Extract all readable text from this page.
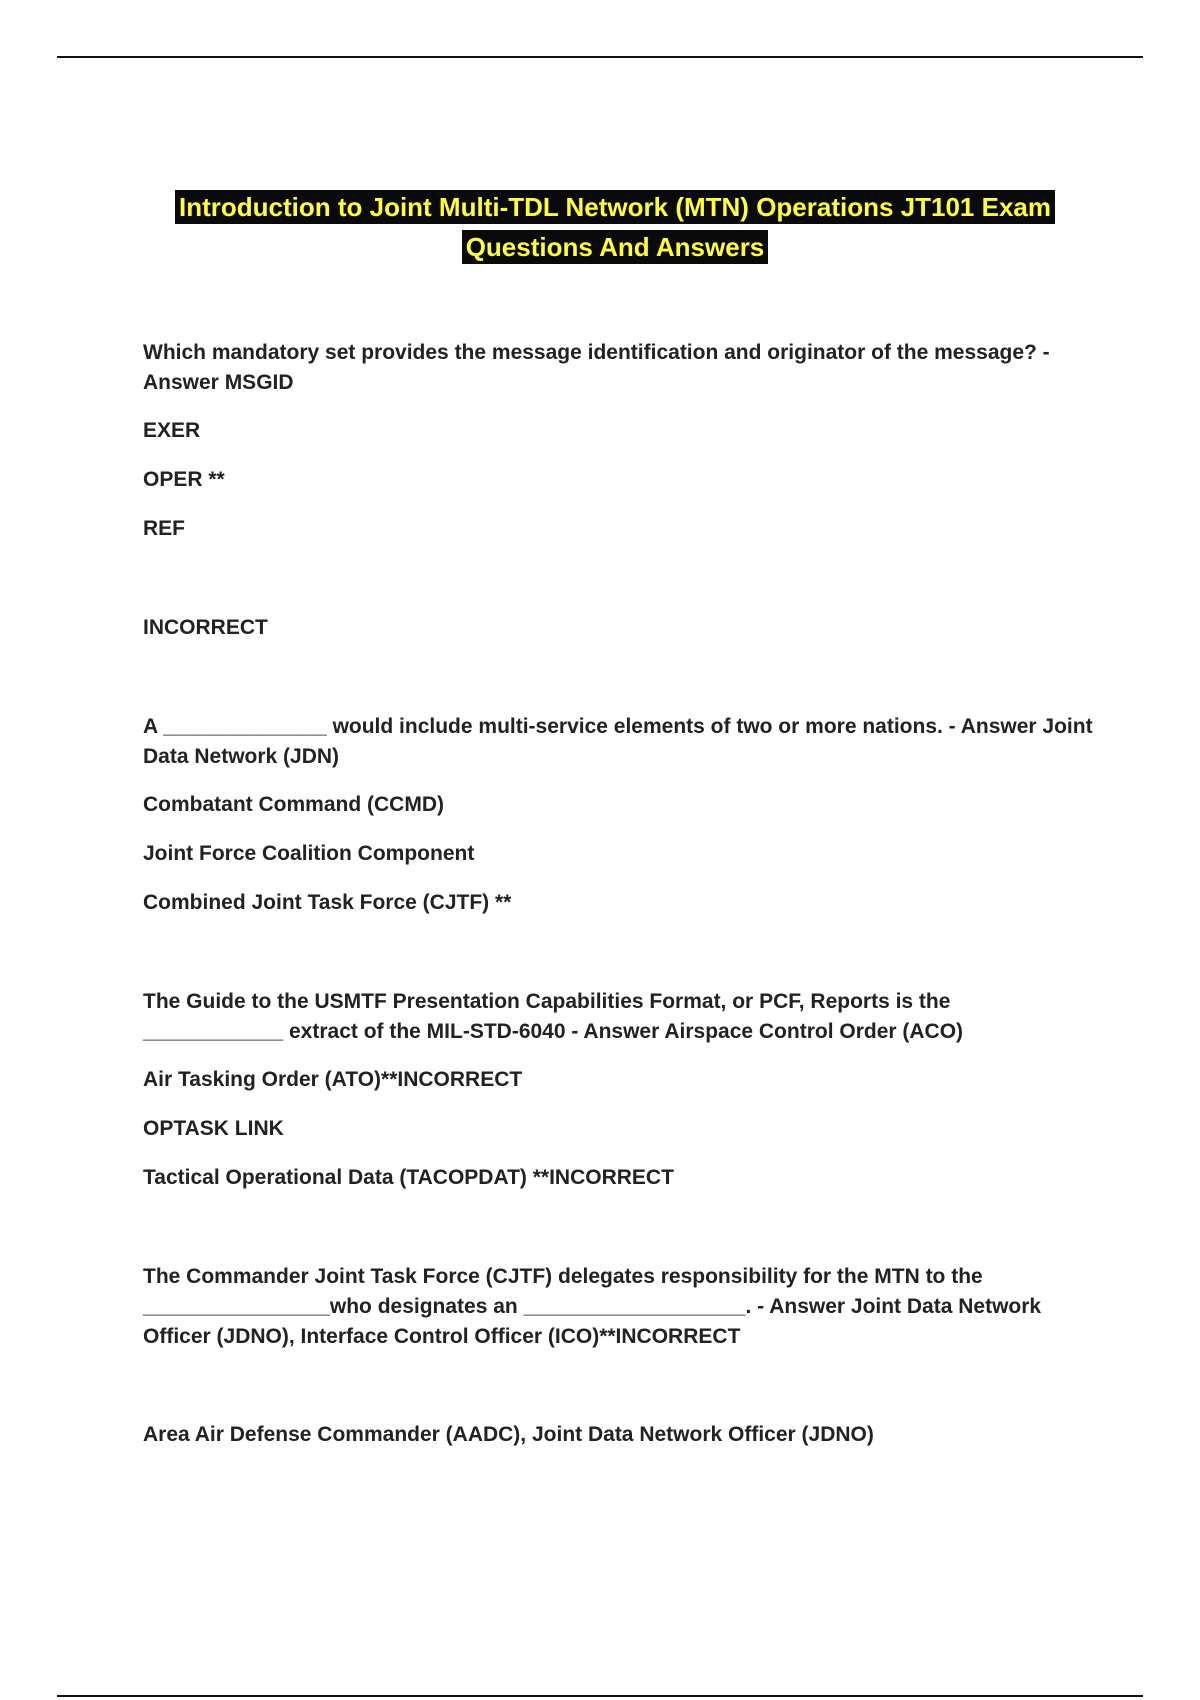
Introduction to Joint Multi-TDL Network (MTN) Operations JT101 Exam
Questions And Answers

Which mandatory set provides the message identification and originator of the message? - Answer MSGID

EXER

OPER **

REF

INCORRECT

A ______________ would include multi-service elements of two or more nations. - Answer Joint Data Network (JDN)

Combatant Command (CCMD)

Joint Force Coalition Component

Combined Joint Task Force (CJTF) **

The Guide to the USMTF Presentation Capabilities Format, or PCF, Reports is the ____________ extract of the MIL-STD-6040 - Answer Airspace Control Order (ACO)

Air Tasking Order (ATO)**INCORRECT

OPTASK LINK

Tactical Operational Data (TACOPDAT) **INCORRECT

The Commander Joint Task Force (CJTF) delegates responsibility for the MTN to the ________________who designates an ___________________. - Answer Joint Data Network Officer (JDNO), Interface Control Officer (ICO)**INCORRECT

Area Air Defense Commander (AADC), Joint Data Network Officer (JDNO)
